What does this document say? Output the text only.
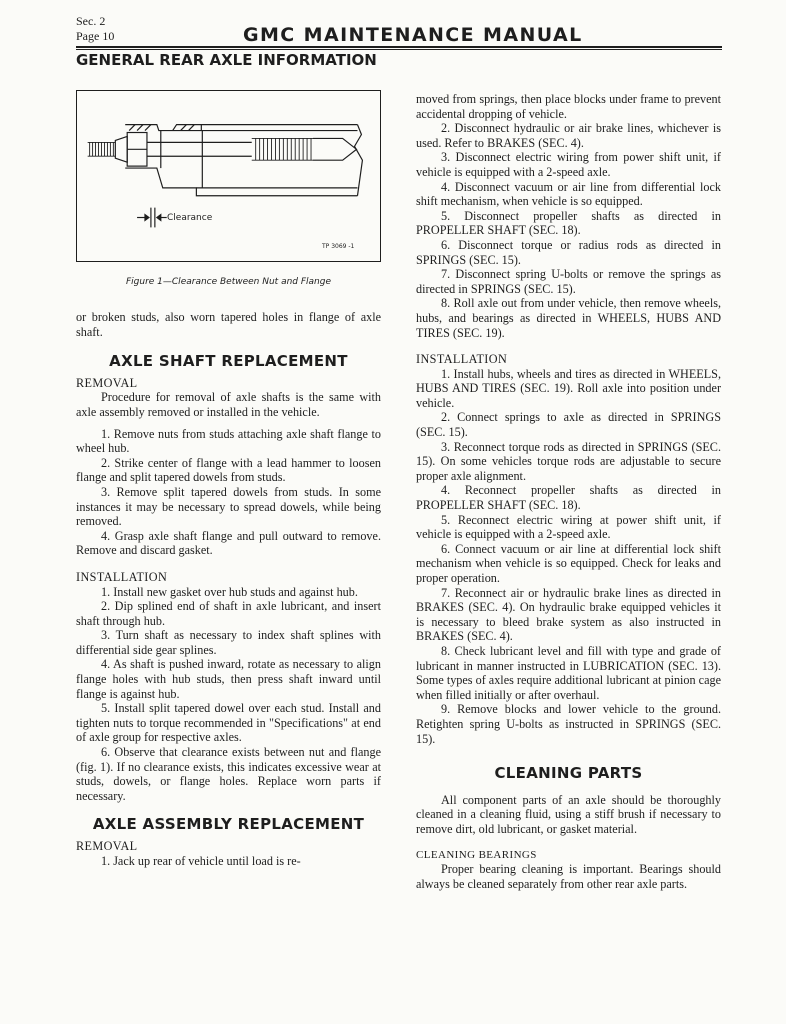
Sec. 2
Page 10	GMC MAINTENANCE MANUAL
GENERAL REAR AXLE INFORMATION
Clearance
TP 3069 -1
Figure 1—Clearance Between Nut and Flange

or broken studs, also worn tapered holes in flange of axle shaft.

AXLE SHAFT REPLACEMENT

REMOVAL

Procedure for removal of axle shafts is the same with axle assembly removed or installed in the vehicle.

1. Remove nuts from studs attaching axle shaft flange to wheel hub.

2. Strike center of flange with a lead hammer to loosen flange and split tapered dowels from studs.

3. Remove split tapered dowels from studs. In some instances it may be necessary to spread dowels, while being removed.

4. Grasp axle shaft flange and pull outward to remove. Remove and discard gasket.

INSTALLATION

1. Install new gasket over hub studs and against hub.

2. Dip splined end of shaft in axle lubricant, and insert shaft through hub.

3. Turn shaft as necessary to index shaft splines with differential side gear splines.

4. As shaft is pushed inward, rotate as necessary to align flange holes with hub studs, then press shaft inward until flange is against hub.

5. Install split tapered dowel over each stud. Install and tighten nuts to torque recommended in "Specifications" at end of axle group for respective axles.

6. Observe that clearance exists between nut and flange (fig. 1). If no clearance exists, this indicates excessive wear at studs, dowels, or flange holes. Replace worn parts if necessary.

AXLE ASSEMBLY REPLACEMENT

REMOVAL

1. Jack up rear of vehicle until load is re-

moved from springs, then place blocks under frame to prevent accidental dropping of vehicle.

2. Disconnect hydraulic or air brake lines, whichever is used. Refer to BRAKES (SEC. 4).

3. Disconnect electric wiring from power shift unit, if vehicle is equipped with a 2-speed axle.

4. Disconnect vacuum or air line from differential lock shift mechanism, when vehicle is so equipped.

5. Disconnect propeller shafts as directed in PROPELLER SHAFT (SEC. 18).

6. Disconnect torque or radius rods as directed in SPRINGS (SEC. 15).

7. Disconnect spring U-bolts or remove the springs as directed in SPRINGS (SEC. 15).

8. Roll axle out from under vehicle, then remove wheels, hubs, and bearings as directed in WHEELS, HUBS AND TIRES (SEC. 19).

INSTALLATION

1. Install hubs, wheels and tires as directed in WHEELS, HUBS AND TIRES (SEC. 19). Roll axle into position under vehicle.

2. Connect springs to axle as directed in SPRINGS (SEC. 15).

3. Reconnect torque rods as directed in SPRINGS (SEC. 15). On some vehicles torque rods are adjustable to secure proper axle alignment.

4. Reconnect propeller shafts as directed in PROPELLER SHAFT (SEC. 18).

5. Reconnect electric wiring at power shift unit, if vehicle is equipped with a 2-speed axle.

6. Connect vacuum or air line at differential lock shift mechanism when vehicle is so equipped. Check for leaks and proper operation.

7. Reconnect air or hydraulic brake lines as directed in BRAKES (SEC. 4). On hydraulic brake equipped vehicles it is necessary to bleed brake system as also instructed in BRAKES (SEC. 4).

8. Check lubricant level and fill with type and grade of lubricant in manner instructed in LUBRICATION (SEC. 13). Some types of axles require additional lubricant at pinion cage when filled initially or after overhaul.

9. Remove blocks and lower vehicle to the ground. Retighten spring U-bolts as instructed in SPRINGS (SEC. 15).

CLEANING PARTS

All component parts of an axle should be thoroughly cleaned in a cleaning fluid, using a stiff brush if necessary to remove dirt, old lubricant, or gasket material.

CLEANING BEARINGS

Proper bearing cleaning is important. Bearings should always be cleaned separately from other rear axle parts.
